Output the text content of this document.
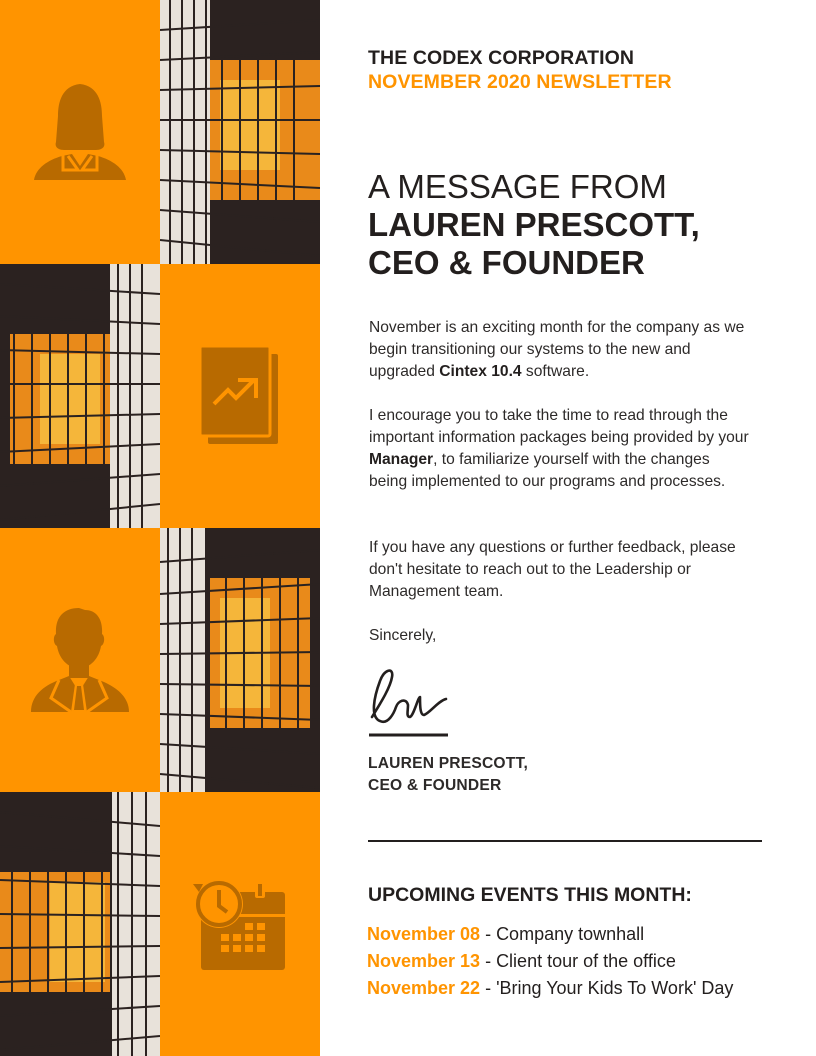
THE CODEX CORPORATION
NOVEMBER 2020 NEWSLETTER
A MESSAGE FROM
LAUREN PRESCOTT,
CEO & FOUNDER

November is an exciting month for the company as we begin transitioning our systems to the new and upgraded Cintex 10.4 software.

I encourage you to take the time to read through the important information packages being provided by your Manager, to familiarize yourself with the changes being implemented to our programs and processes.

If you have any questions or further feedback, please don't hesitate to reach out to the Leadership or Management team.

Sincerely,

LAUREN PRESCOTT,
CEO & FOUNDER
UPCOMING EVENTS THIS MONTH:
November 08 - Company townhall
November 13 - Client tour of the office
November 22 - 'Bring Your Kids To Work' Day
